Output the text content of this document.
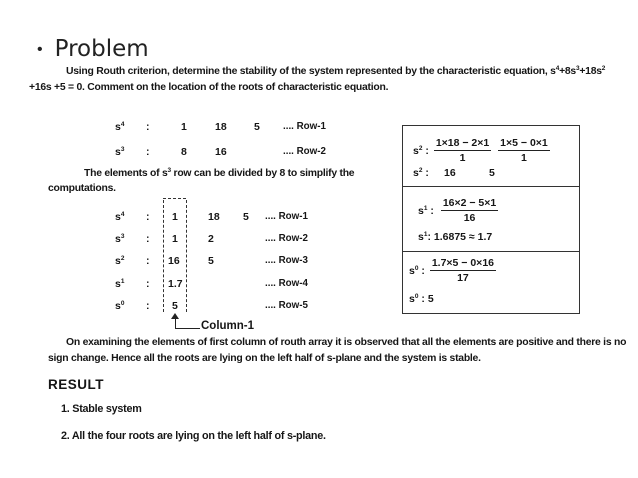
• Problem
Using Routh criterion, determine the stability of the system represented by the characteristic equation, $s^4+8s^3+18s^2$
+16s +5 = 0. Comment on the location of the roots of characteristic equation.
$s^4$ :	1	18	5 .... Row-1
$s^3$ :	8	16	.... Row-2
The elements of $s^3$ row can be divided by 8 to simplify the
computations.
$s^4$ : 1	18 5 .... Row-1
$s^3$ : 1	2	.... Row-2
$s^2$ : 16	5	.... Row-3
$s^1$ : 1.7	.... Row-4
$s^0$ : 5	.... Row-5
Column-1
$s^2$ : $\frac{1\times 18 - 2\times 1}{1}$
$\frac{1\times 5 - 0\times 1}{1}$
$s^2$ : 16	5
$s^1$ : $\frac{16\times 2 - 5\times 1}{16}$
$s^1$: 1.6875 ≈ 1.7
$s^0$ : $\frac{1.7\times 5 - 0\times 16}{17}$
$s^0$ : 5
On examining the elements of first column of routh array it is observed that all the elements are positive and there is no
sign change. Hence all the roots are lying on the left half of s-plane and the system is stable.
RESULT
1. Stable system
2. All the four roots are lying on the left half of s-plane.
